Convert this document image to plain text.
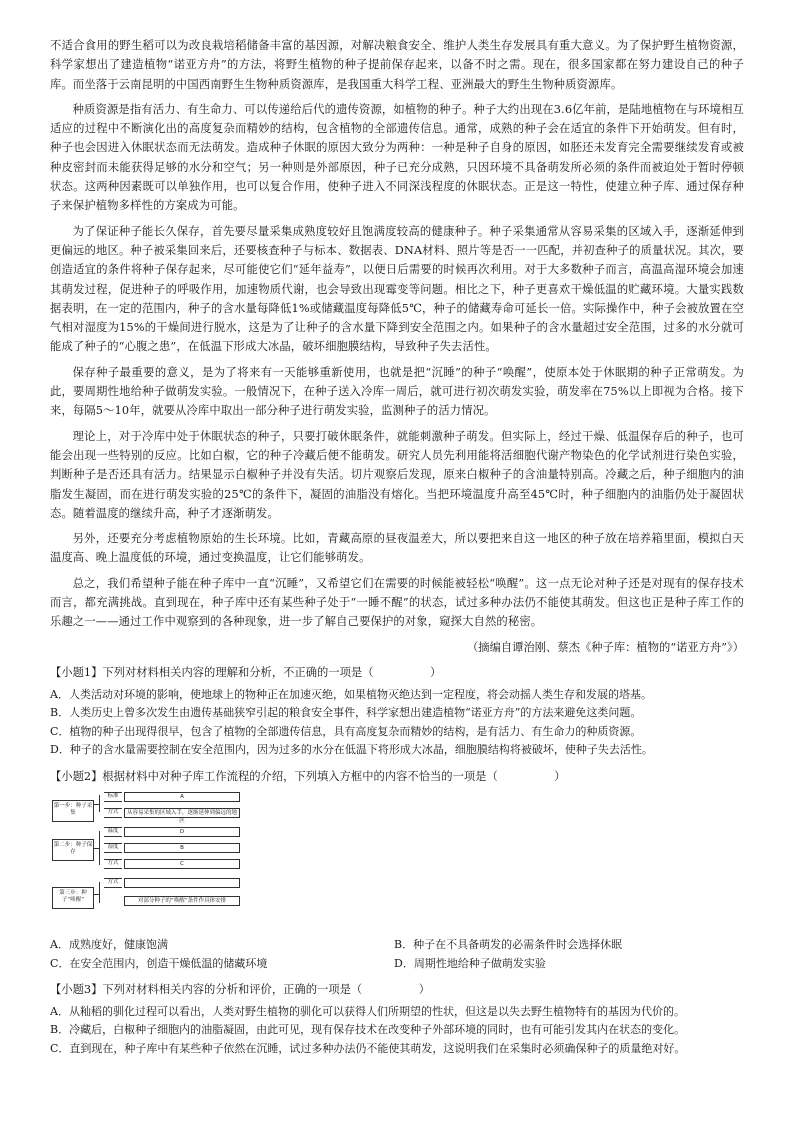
不适合食用的野生稻可以为改良栽培稻储备丰富的基因源，对解决粮食安全、维护人类生存发展具有重大意义。为了保护野生植物资源，科学家想出了建造植物“诺亚方舟”的方法，将野生植物的种子提前保存起来，以备不时之需。现在，很多国家都在努力建设自己的种子库。而坐落于云南昆明的中国西南野生生物种质资源库，是我国重大科学工程、亚洲最大的野生生物种质资源库。

种质资源是指有活力、有生命力、可以传递给后代的遗传资源，如植物的种子。种子大约出现在3.6亿年前，是陆地植物在与环境相互适应的过程中不断演化出的高度复杂而精妙的结构，包含植物的全部遗传信息。通常，成熟的种子会在适宜的条件下开始萌发。但有时，种子也会因进入休眠状态而无法萌发。造成种子休眠的原因大致分为两种：一种是种子自身的原因，如胚还未发育完全需要继续发育或被种皮密封而未能获得足够的水分和空气；另一种则是外部原因，种子已充分成熟，只因环境不具备萌发所必须的条件而被迫处于暂时停顿状态。这两种因素既可以单独作用，也可以复合作用，使种子进入不同深浅程度的休眠状态。正是这一特性，使建立种子库、通过保存种子来保护植物多样性的方案成为可能。

为了保证种子能长久保存，首先要尽量采集成熟度较好且饱满度较高的健康种子。种子采集通常从容易采集的区域入手，逐渐延伸到更偏远的地区。种子被采集回来后，还要核查种子与标本、数据表、DNA材料、照片等是否一一匹配，并初查种子的质量状况。其次，要创造适宜的条件将种子保存起来，尽可能使它们“延年益寿”，以便日后需要的时候再次利用。对于大多数种子而言，高温高湿环境会加速其萌发过程，促进种子的呼吸作用，加速物质代谢，也会导致出现霉变等问题。相比之下，种子更喜欢干燥低温的贮藏环境。大量实践数据表明，在一定的范围内，种子的含水量每降低1%或储藏温度每降低5℃，种子的储藏寿命可延长一倍。实际操作中，种子会被放置在空气相对湿度为15%的干燥间进行脱水，这是为了让种子的含水量下降到安全范围之内。如果种子的含水量超过安全范围，过多的水分就可能成了种子的“心腹之患”，在低温下形成大冰晶，破坏细胞膜结构，导致种子失去活性。

保存种子最重要的意义，是为了将来有一天能够重新使用，也就是把“沉睡”的种子“唤醒”，使原本处于休眠期的种子正常萌发。为此，要周期性地给种子做萌发实验。一般情况下，在种子送入冷库一周后，就可进行初次萌发实验，萌发率在75%以上即视为合格。接下来，每隔5～10年，就要从冷库中取出一部分种子进行萌发实验，监测种子的活力情况。

理论上，对于冷库中处于休眠状态的种子，只要打破休眠条件，就能刺激种子萌发。但实际上，经过干燥、低温保存后的种子，也可能会出现一些特别的反应。比如白椒，它的种子冷藏后便不能萌发。研究人员先利用能将活细胞代谢产物染色的化学试剂进行染色实验，判断种子是否还具有活力。结果显示白椒种子并没有失活。切片观察后发现，原来白椒种子的含油量特别高。冷藏之后，种子细胞内的油脂发生凝固，而在进行萌发实验的25℃的条件下，凝固的油脂没有熔化。当把环境温度升高至45℃时，种子细胞内的油脂仍处于凝固状态。随着温度的继续升高，种子才逐渐萌发。

另外，还要充分考虑植物原始的生长环境。比如，青藏高原的昼夜温差大，所以要把来自这一地区的种子放在培养箱里面，模拟白天温度高、晚上温度低的环境，通过变换温度，让它们能够萌发。

总之，我们希望种子能在种子库中一直“沉睡”，又希望它们在需要的时候能被轻松“唤醒”。这一点无论对种子还是对现有的保存技术而言，都充满挑战。直到现在，种子库中还有某些种子处于“一睡不醒”的状态，试过多种办法仍不能使其萌发。但这也正是种子库工作的乐趣之一——通过工作中观察到的各种现象，进一步了解自己要保护的对象，窥探大自然的秘密。

（摘编自谭治刚、蔡杰《种子库：植物的“诺亚方舟”》）

【小题1】下列对材料相关内容的理解和分析，不正确的一项是（　　　　　）

A．人类活动对环境的影响，使地球上的物种正在加速灭绝，如果植物灭绝达到一定程度，将会动摇人类生存和发展的塔基。

B．人类历史上曾多次发生由遗传基础狭窄引起的粮食安全事件，科学家想出建造植物“诺亚方舟”的方法来避免这类问题。

C．植物的种子出现得很早，包含了植物的全部遗传信息，具有高度复杂而精妙的结构，是有活力、有生命力的种质资源。

D．种子的含水量需要控制在安全范围内，因为过多的水分在低温下将形成大冰晶，细胞膜结构将被破坏，使种子失去活性。

【小题2】根据材料中对种子库工作流程的介绍，下列填入方框中的内容不恰当的一项是（　　　　　）

第一步：种子采集
标准	A
方式	从容易采集的区域入手，逐渐延伸到偏远的地区
第二步：种子保存
温度	D
湿度	B
方式	C
第三步：种子“唤醒”
方式
对部分种子的“唤醒”条件作具体安排
A．成熟度好，健康饱满	B．种子在不具备萌发的必需条件时会选择休眠
C．在安全范围内，创造干燥低温的储藏环境	D．周期性地给种子做萌发实验

【小题3】下列对材料相关内容的分析和评价，正确的一项是（　　　　　）

A．从籼稻的驯化过程可以看出，人类对野生植物的驯化可以获得人们所期望的性状，但这是以失去野生植物特有的基因为代价的。

B．冷藏后，白椒种子细胞内的油脂凝固，由此可见，现有保存技术在改变种子外部环境的同时，也有可能引发其内在状态的变化。

C．直到现在，种子库中有某些种子依然在沉睡，试过多种办法仍不能使其萌发，这说明我们在采集时必须确保种子的质量绝对好。
